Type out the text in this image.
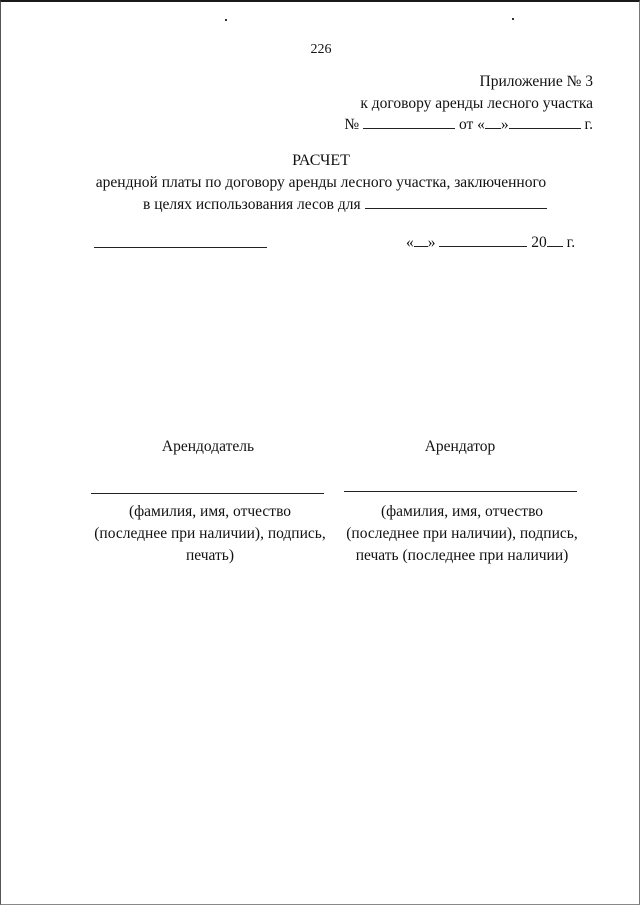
226
Приложение № 3
к договору аренды лесного участка
№	от « »	г.
РАСЧЕТ
арендной платы по договору аренды лесного участка, заключенного
в целях использования лесов для
« »	20 г.
Арендодатель	Арендатор
(фамилия, имя, отчество
(последнее при наличии), подпись,
печать)
(фамилия, имя, отчество
(последнее при наличии), подпись,
печать (последнее при наличии)
